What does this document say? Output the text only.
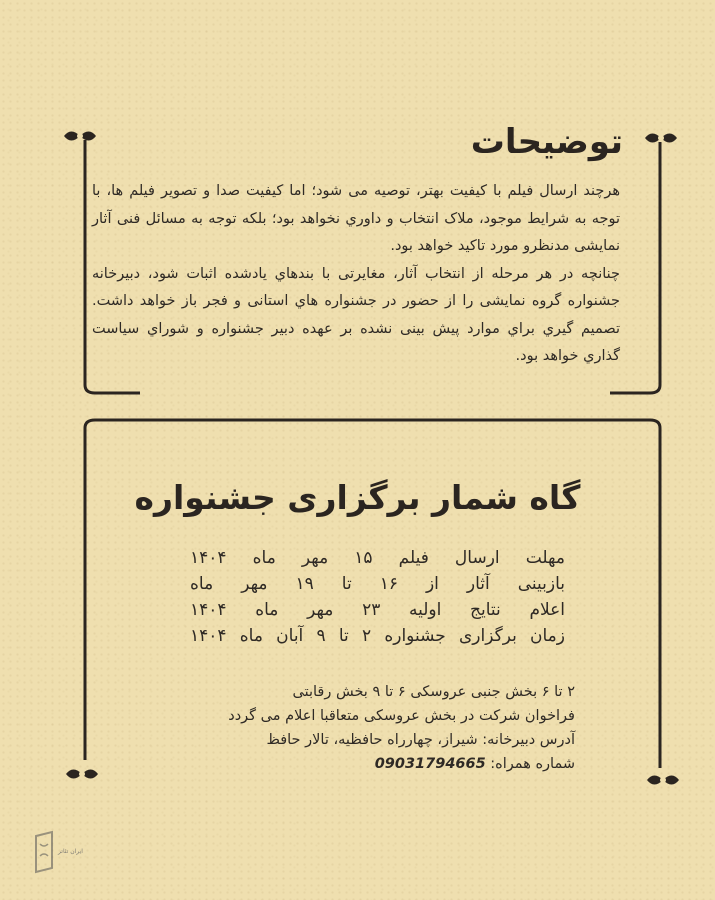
توضیحات

هرچند ارسال فیلم با کیفیت بهتر، توصیه می شود؛ اما کیفیت صدا و تصویر فیلم ها، با توجه به شرایط موجود، ملاک انتخاب و داوري نخواهد بود؛ بلکه توجه به مسائل فنی آثار نمایشی مدنظرو مورد تاکید خواهد بود.

چنانچه در هر مرحله از انتخاب آثار، مغایرتی با بندهاي یادشده اثبات شود، دبیرخانه جشنواره گروه نمایشی را از حضور در جشنواره هاي استانی و فجر باز خواهد داشت. تصمیم گیري براي موارد پیش بینی نشده بر عهده دبیر جشنواره و شوراي سیاست گذاري خواهد بود.

گاه شمار برگزاری جشنواره
مهلت ارسال فیلم ۱۵ مهر ماه ۱۴۰۴
بازبینی آثار از ۱۶ تا ۱۹ مهر ماه
اعلام نتایج اولیه ۲۳ مهر ماه ۱۴۰۴
زمان برگزاری جشنواره ۲ تا ۹ آبان ماه ۱۴۰۴
۲ تا ۶ بخش جنبی عروسکی ۶ تا ۹ بخش رقابتی
فراخوان شرکت در بخش عروسکی متعاقبا اعلام می گردد
آدرس دبیرخانه: شیراز، چهارراه حافظیه، تالار حافظ
شماره همراه: 09031794665
ایران تئاتر
